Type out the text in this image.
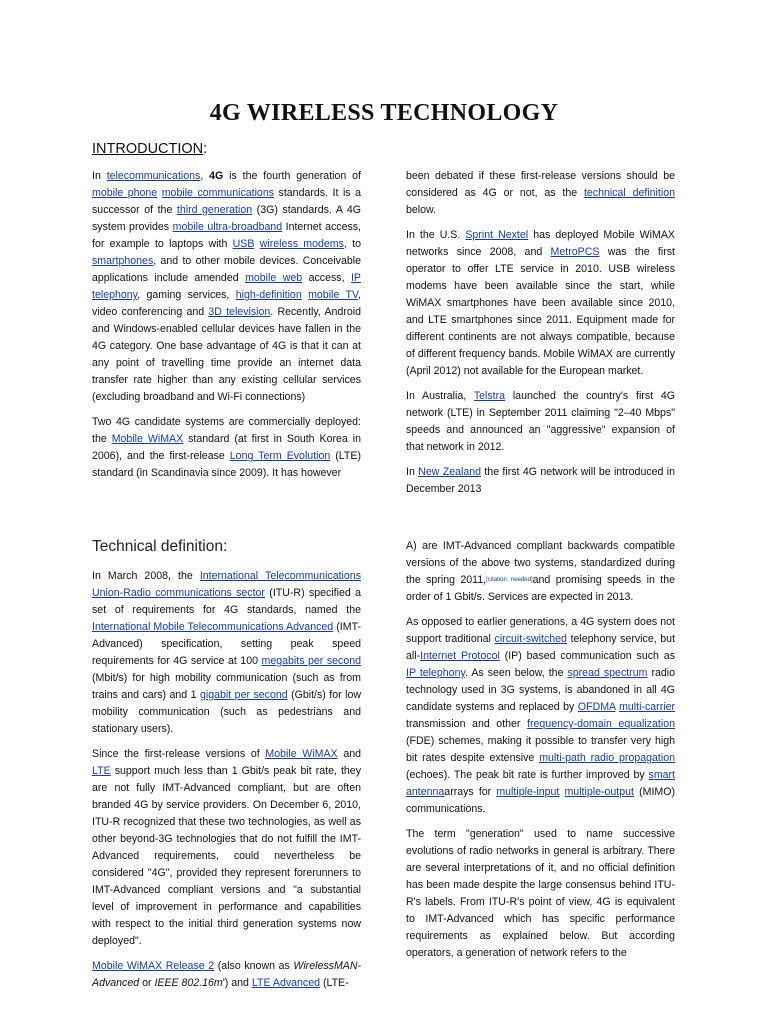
4G WIRELESS TECHNOLOGY
INTRODUCTION:

In telecommunications, 4G is the fourth generation of mobile phone mobile communications standards. It is a successor of the third generation (3G) standards. A 4G system provides mobile ultra-broadband Internet access, for example to laptops with USB wireless modems, to smartphones, and to other mobile devices. Conceivable applications include amended mobile web access, IP telephony, gaming services, high-definition mobile TV, video conferencing and 3D television. Recently, Android and Windows-enabled cellular devices have fallen in the 4G category. One base advantage of 4G is that it can at any point of travelling time provide an internet data transfer rate higher than any existing cellular services (excluding broadband and Wi-Fi connections)

Two 4G candidate systems are commercially deployed: the Mobile WiMAX standard (at first in South Korea in 2006), and the first-release Long Term Evolution (LTE) standard (in Scandinavia since 2009). It has however

been debated if these first-release versions should be considered as 4G or not, as the technical definition below.

In the U.S. Sprint Nextel has deployed Mobile WiMAX networks since 2008, and MetroPCS was the first operator to offer LTE service in 2010. USB wireless modems have been available since the start, while WiMAX smartphones have been available since 2010, and LTE smartphones since 2011. Equipment made for different continents are not always compatible, because of different frequency bands. Mobile WiMAX are currently (April 2012) not available for the European market.

In Australia, Telstra launched the country's first 4G network (LTE) in September 2011 claiming "2–40 Mbps" speeds and announced an "aggressive" expansion of that network in 2012.

In New Zealand the first 4G network will be introduced in December 2013

Technical definition:

In March 2008, the International Telecommunications Union-Radio communications sector (ITU-R) specified a set of requirements for 4G standards, named the International Mobile Telecommunications Advanced (IMT-Advanced) specification, setting peak speed requirements for 4G service at 100 megabits per second (Mbit/s) for high mobility communication (such as from trains and cars) and 1 gigabit per second (Gbit/s) for low mobility communication (such as pedestrians and stationary users).

Since the first-release versions of Mobile WiMAX and LTE support much less than 1 Gbit/s peak bit rate, they are not fully IMT-Advanced compliant, but are often branded 4G by service providers. On December 6, 2010, ITU-R recognized that these two technologies, as well as other beyond-3G technologies that do not fulfill the IMT-Advanced requirements, could nevertheless be considered "4G", provided they represent forerunners to IMT-Advanced compliant versions and "a substantial level of improvement in performance and capabilities with respect to the initial third generation systems now deployed".

Mobile WiMAX Release 2 (also known as WirelessMAN-Advanced or IEEE 802.16m') and LTE Advanced (LTE-

A) are IMT-Advanced compliant backwards compatible versions of the above two systems, standardized during the spring 2011,[citation needed]and promising speeds in the order of 1 Gbit/s. Services are expected in 2013.

As opposed to earlier generations, a 4G system does not support traditional circuit-switched telephony service, but all-Internet Protocol (IP) based communication such as IP telephony. As seen below, the spread spectrum radio technology used in 3G systems, is abandoned in all 4G candidate systems and replaced by OFDMA multi-carrier transmission and other frequency-domain equalization (FDE) schemes, making it possible to transfer very high bit rates despite extensive multi-path radio propagation (echoes). The peak bit rate is further improved by smart antennaarrays for multiple-input multiple-output (MIMO) communications.

The term "generation" used to name successive evolutions of radio networks in general is arbitrary. There are several interpretations of it, and no official definition has been made despite the large consensus behind ITU-R's labels. From ITU-R's point of view, 4G is equivalent to IMT-Advanced which has specific performance requirements as explained below. But according operators, a generation of network refers to the
